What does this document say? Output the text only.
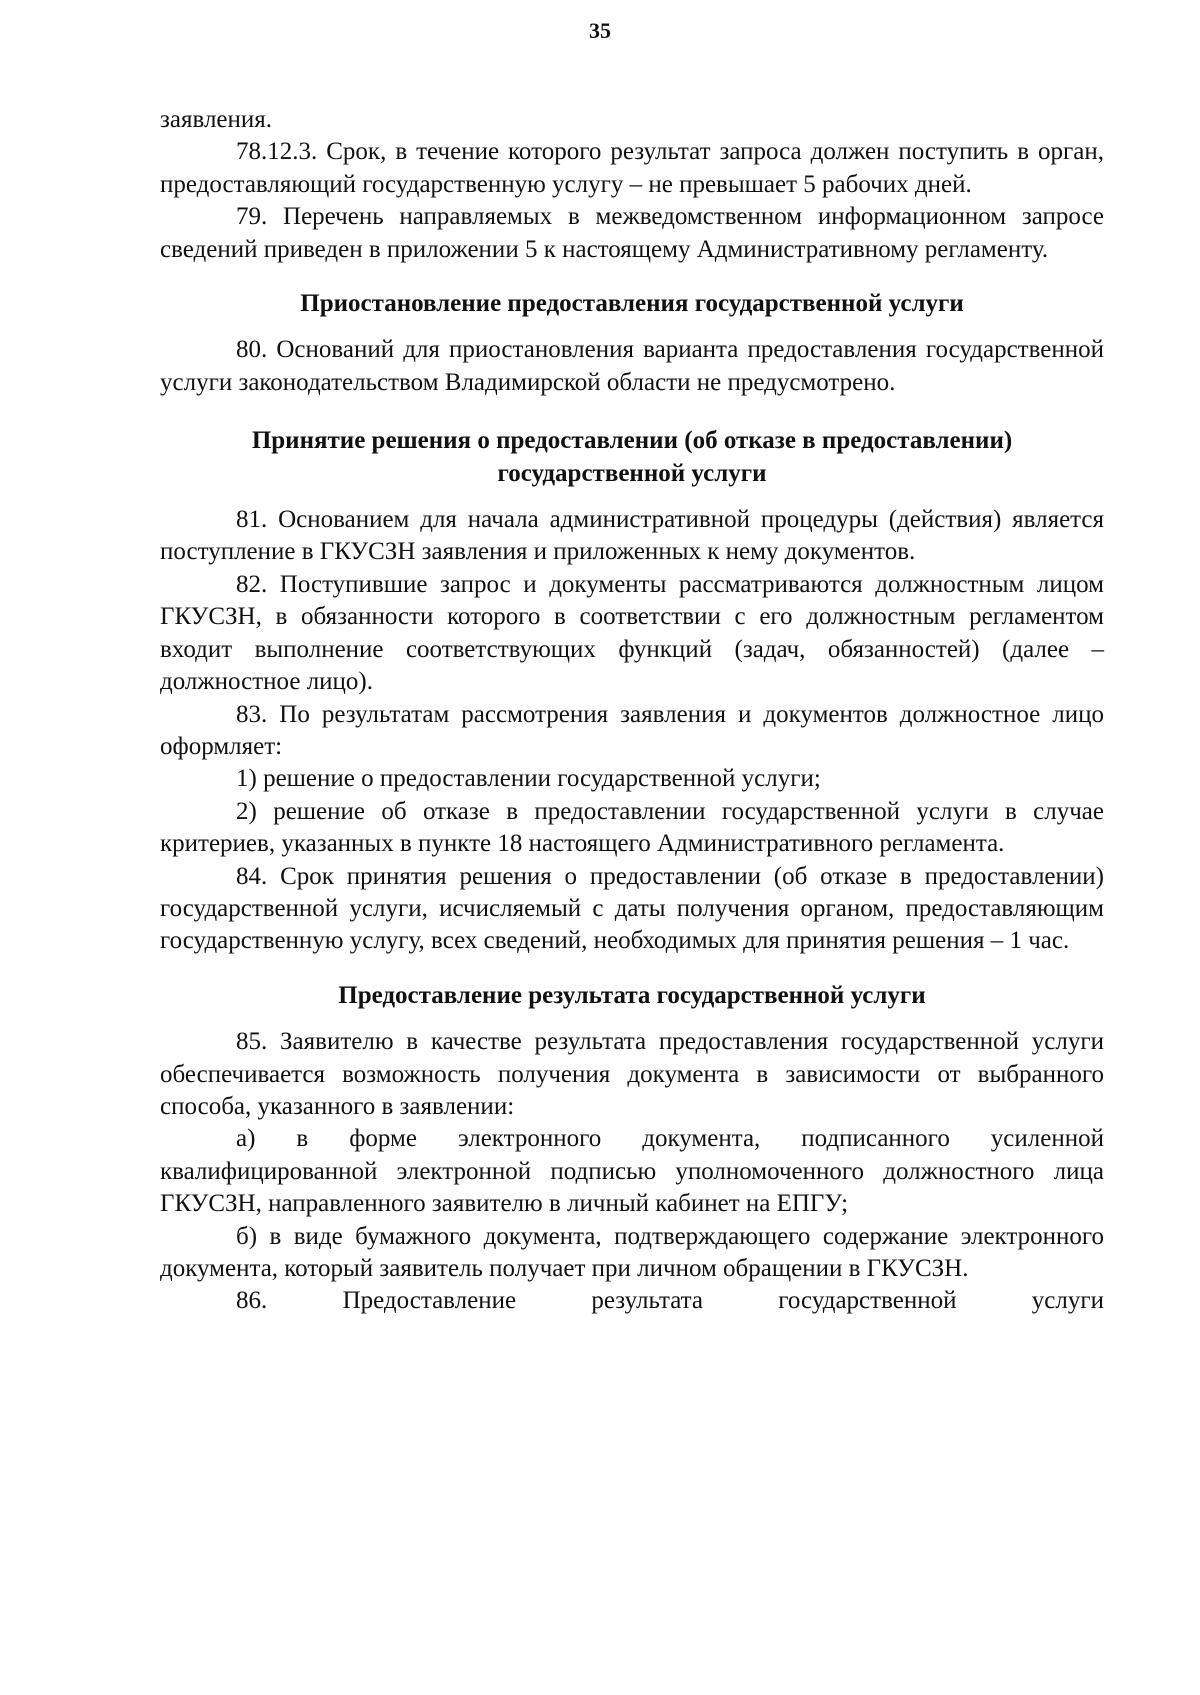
35

заявления.

78.12.3. Срок, в течение которого результат запроса должен поступить в орган, предоставляющий государственную услугу – не превышает 5 рабочих дней.

79. Перечень направляемых в межведомственном информационном запросе сведений приведен в приложении 5 к настоящему Административному регламенту.

Приостановление предоставления государственной услуги

80. Оснований для приостановления варианта предоставления государственной услуги законодательством Владимирской области не предусмотрено.

Принятие решения о предоставлении (об отказе в предоставлении) государственной услуги

81. Основанием для начала административной процедуры (действия) является поступление в ГКУСЗН заявления и приложенных к нему документов.

82. Поступившие запрос и документы рассматриваются должностным лицом ГКУСЗН, в обязанности которого в соответствии с его должностным регламентом входит выполнение соответствующих функций (задач, обязанностей) (далее – должностное лицо).

83. По результатам рассмотрения заявления и документов должностное лицо оформляет:

1) решение о предоставлении государственной услуги;

2) решение об отказе в предоставлении государственной услуги в случае критериев, указанных в пункте 18 настоящего Административного регламента.

84. Срок принятия решения о предоставлении (об отказе в предоставлении) государственной услуги, исчисляемый с даты получения органом, предоставляющим государственную услугу, всех сведений, необходимых для принятия решения – 1 час.

Предоставление результата государственной услуги

85. Заявителю в качестве результата предоставления государственной услуги обеспечивается возможность получения документа в зависимости от выбранного способа, указанного в заявлении:

а) в форме электронного документа, подписанного усиленной квалифицированной электронной подписью уполномоченного должностного лица ГКУСЗН, направленного заявителю в личный кабинет на ЕПГУ;

б) в виде бумажного документа, подтверждающего содержание электронного документа, который заявитель получает при личном обращении в ГКУСЗН.

86. Предоставление результата государственной услуги
